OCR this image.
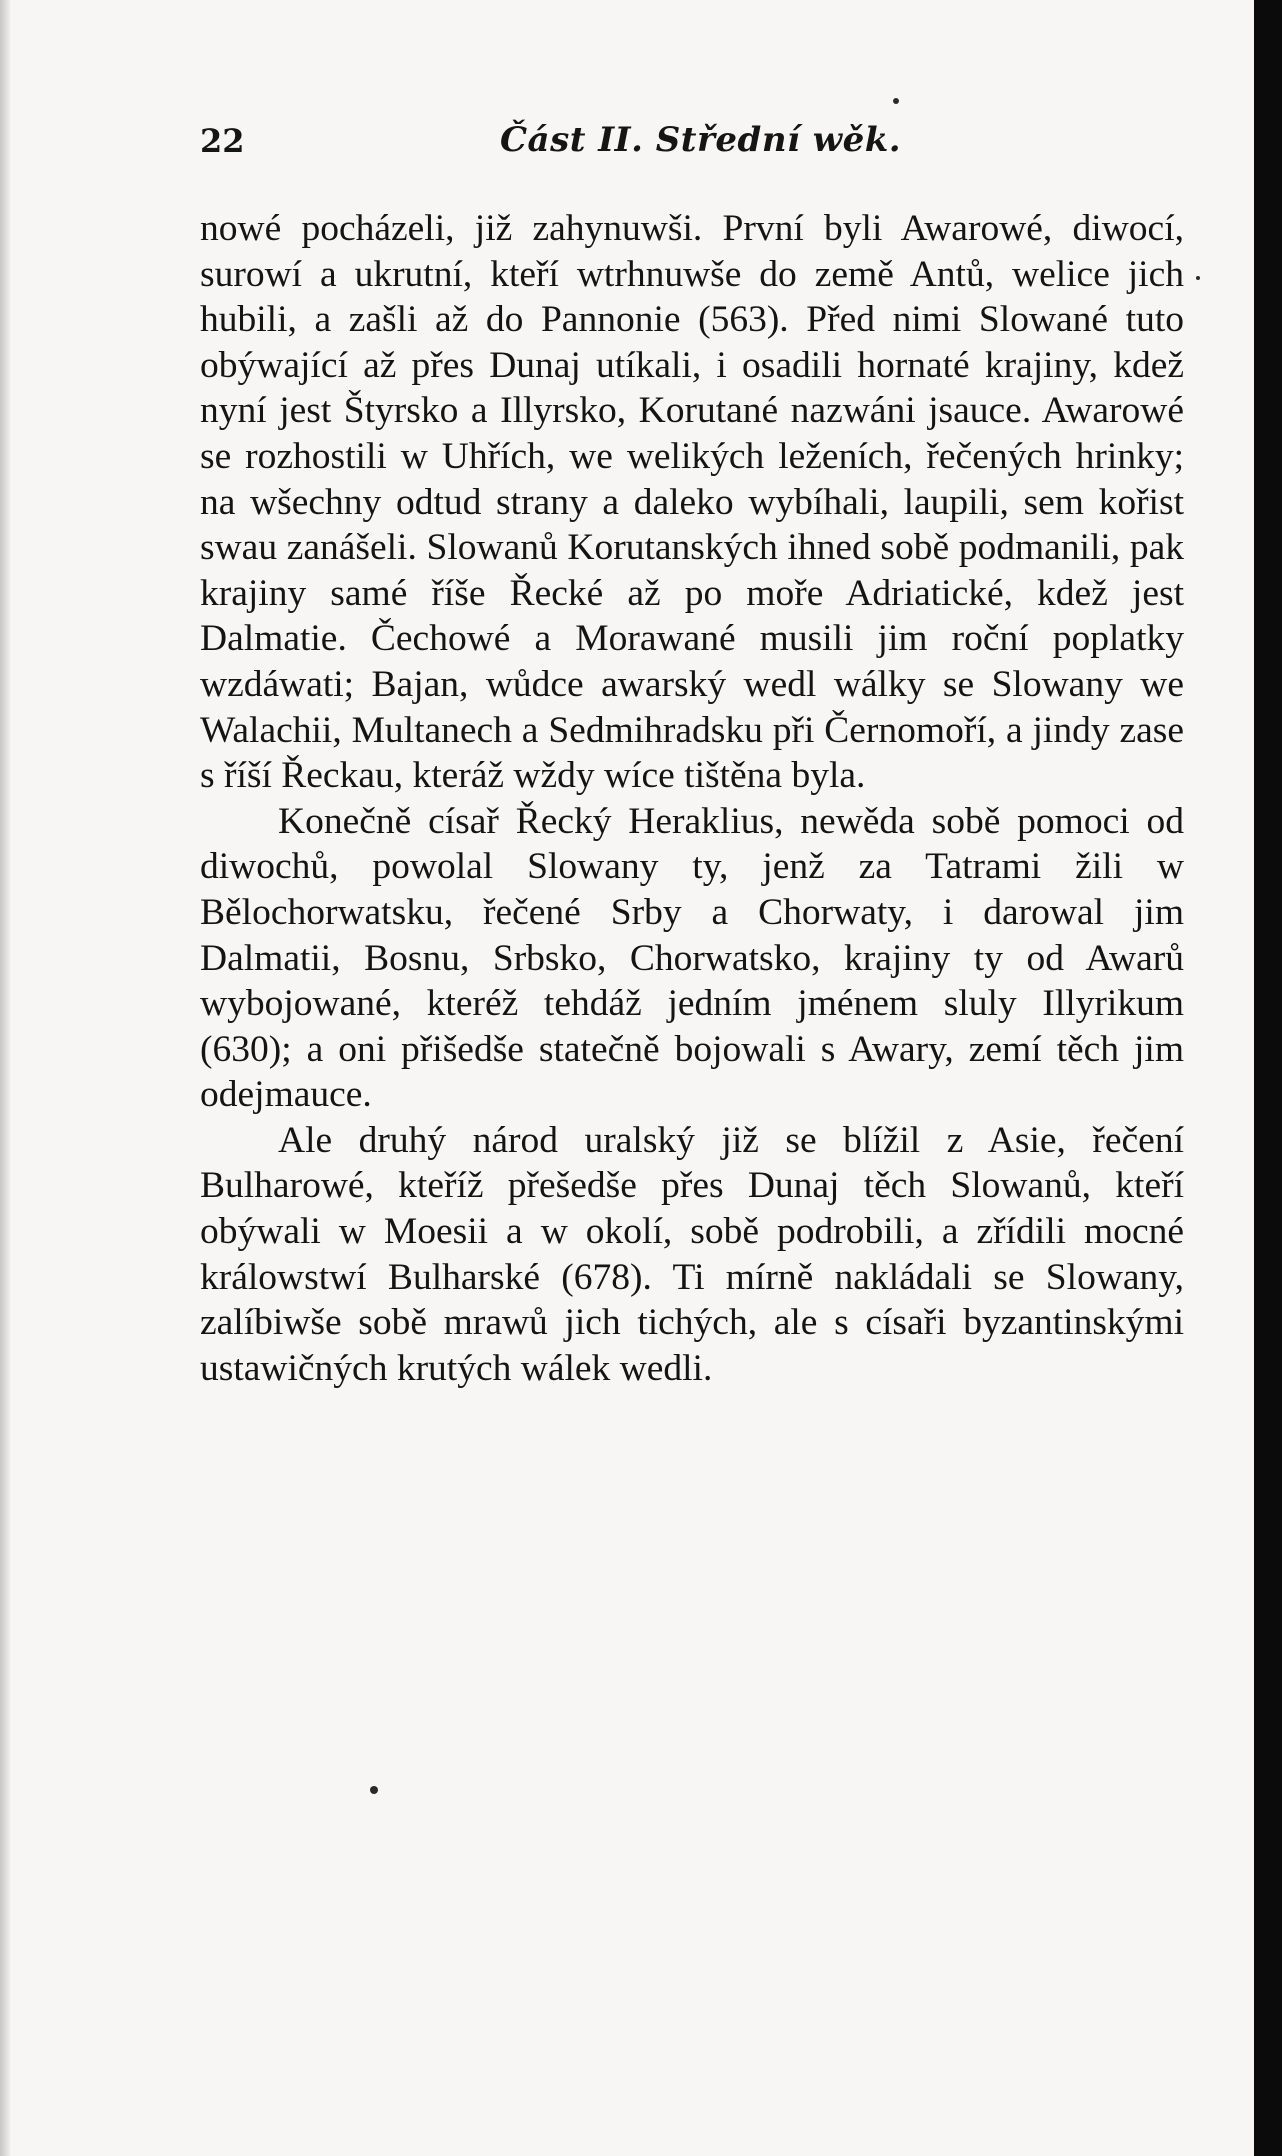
22	Část II. Střední wěk.

nowé pocházeli, již zahynuwši. První byli Awarowé, diwocí, surowí a ukrutní, kteří wtrhnuwše do země Antů, welice jich hubili, a zašli až do Pannonie (563). Před nimi Slowané tuto obýwající až přes Dunaj utíkali, i osadili hornaté krajiny, kdež nyní jest Štyrsko a Illyrsko, Korutané nazwáni jsauce. Awarowé se rozhostili w Uhřích, we welikých leženích, řečených hrinky; na wšechny odtud strany a daleko wybíhali, laupili, sem kořist swau zanášeli. Slowanů Korutanských ihned sobě podmanili, pak krajiny samé říše Řecké až po moře Adriatické, kdež jest Dalmatie. Čechowé a Morawané musili jim roční poplatky wzdáwati; Bajan, wůdce awarský wedl wálky se Slowany we Walachii, Multanech a Sedmihradsku při Černomoří, a jindy zase s říší Řeckau, kteráž wždy wíce tištěna byla.

Konečně císař Řecký Heraklius, newěda sobě pomoci od diwochů, powolal Slowany ty, jenž za Tatrami žili w Bělochorwatsku, řečené Srby a Chorwaty, i darowal jim Dalmatii, Bosnu, Srbsko, Chorwatsko, krajiny ty od Awarů wybojowané, kteréž tehdáž jedním jménem sluly Illyrikum (630); a oni přišedše statečně bojowali s Awary, zemí těch jim odejmauce.

Ale druhý národ uralský již se blížil z Asie, řečení Bulharowé, kteříž přešedše přes Dunaj těch Slowanů, kteří obýwali w Moesii a w okolí, sobě podrobili, a zřídili mocné králowstwí Bulharské (678). Ti mírně nakládali se Slowany, zalíbiwše sobě mrawů jich tichých, ale s císaři byzantinskými ustawičných krutých wálek wedli.
